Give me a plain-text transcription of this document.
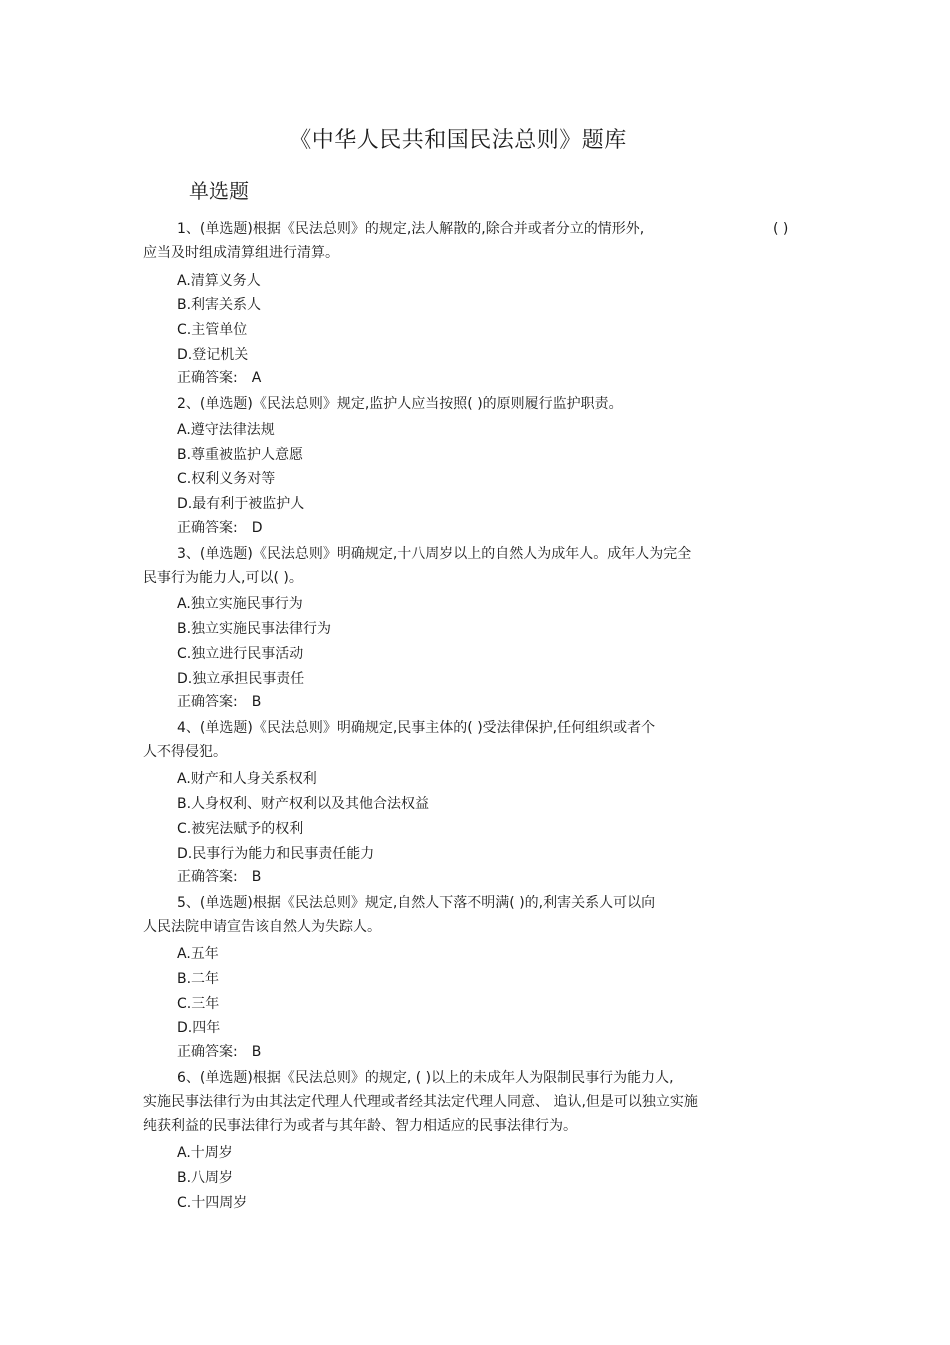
《中华人民共和国民法总则》题库
单选题
1、(单选题)根据《民法总则》的规定,法人解散的,除合并或者分立的情形外,
应当及时组成清算组进行清算。
( )
A.清算义务人
B.利害关系人
C.主管单位
D.登记机关
正确答案: A
2、(单选题)《民法总则》规定,监护人应当按照( )的原则履行监护职责。
A.遵守法律法规
B.尊重被监护人意愿
C.权利义务对等
D.最有利于被监护人
正确答案: D
3、(单选题)《民法总则》明确规定,十八周岁以上的自然人为成年人。成年人为完全
民事行为能力人,可以( )。
A.独立实施民事行为
B.独立实施民事法律行为
C.独立进行民事活动
D.独立承担民事责任
正确答案: B
4、(单选题)《民法总则》明确规定,民事主体的( )受法律保护,任何组织或者个
人不得侵犯。
A.财产和人身关系权利
B.人身权利、财产权利以及其他合法权益
C.被宪法赋予的权利
D.民事行为能力和民事责任能力
正确答案: B
5、(单选题)根据《民法总则》规定,自然人下落不明满( )的,利害关系人可以向
人民法院申请宣告该自然人为失踪人。
A.五年
B.二年
C.三年
D.四年
正确答案: B
6、(单选题)根据《民法总则》的规定, ( )以上的未成年人为限制民事行为能力人,
实施民事法律行为由其法定代理人代理或者经其法定代理人同意、 追认,但是可以独立实施
纯获利益的民事法律行为或者与其年龄、智力相适应的民事法律行为。
A.十周岁
B.八周岁
C.十四周岁
